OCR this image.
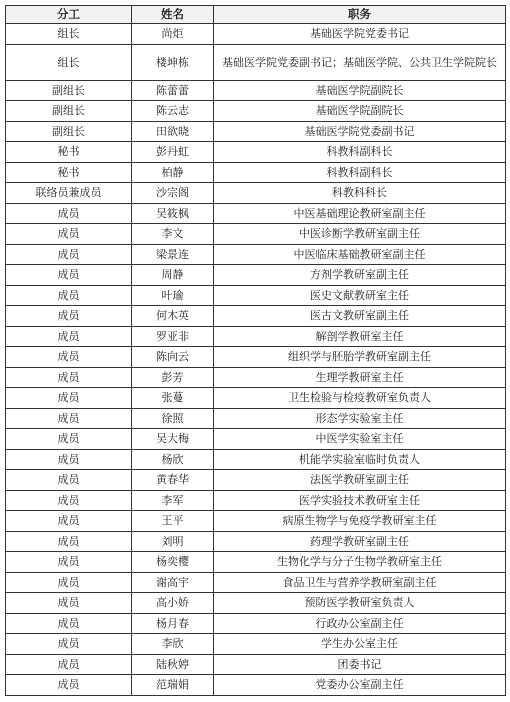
分工	姓名	职务
组长	尚炬	基础医学院党委书记
组长	楼坤栋	基础医学院党委副书记；基础医学院、公共卫生学院院长
副组长	陈蕾蕾	基础医学院副院长
副组长	陈云志	基础医学院副院长
副组长	田欲晓	基础医学院党委副书记
秘书	彭丹虹	科教科副科长
秘书	柏静	科教科副科长
联络员兼成员	沙宗阁	科教科科长
成员	吴筱枫	中医基础理论教研室副主任
成员	李文	中医诊断学教研室副主任
成员	梁景连	中医临床基础教研室副主任
成员	周静	方剂学教研室副主任
成员	叶瑜	医史文献教研室主任
成员	何木英	医古文教研室副主任
成员	罗亚非	解剖学教研室主任
成员	陈向云	组织学与胚胎学教研室副主任
成员	彭芳	生理学教研室主任
成员	张蔓	卫生检验与检疫教研室负责人
成员	徐照	形态学实验室主任
成员	吴大梅	中医学实验室主任
成员	杨欣	机能学实验室临时负责人
成员	黄春华	法医学教研室副主任
成员	李军	医学实验技术教研室主任
成员	王平	病原生物学与免疫学教研室主任
成员	刘明	药理学教研室副主任
成员	杨奕樱	生物化学与分子生物学教研室主任
成员	谢高宇	食品卫生与营养学教研室副主任
成员	高小娇	预防医学教研室负责人
成员	杨月春	行政办公室副主任
成员	李欣	学生办公室主任
成员	陆秋婷	团委书记
成员	范瑞娟	党委办公室副主任
